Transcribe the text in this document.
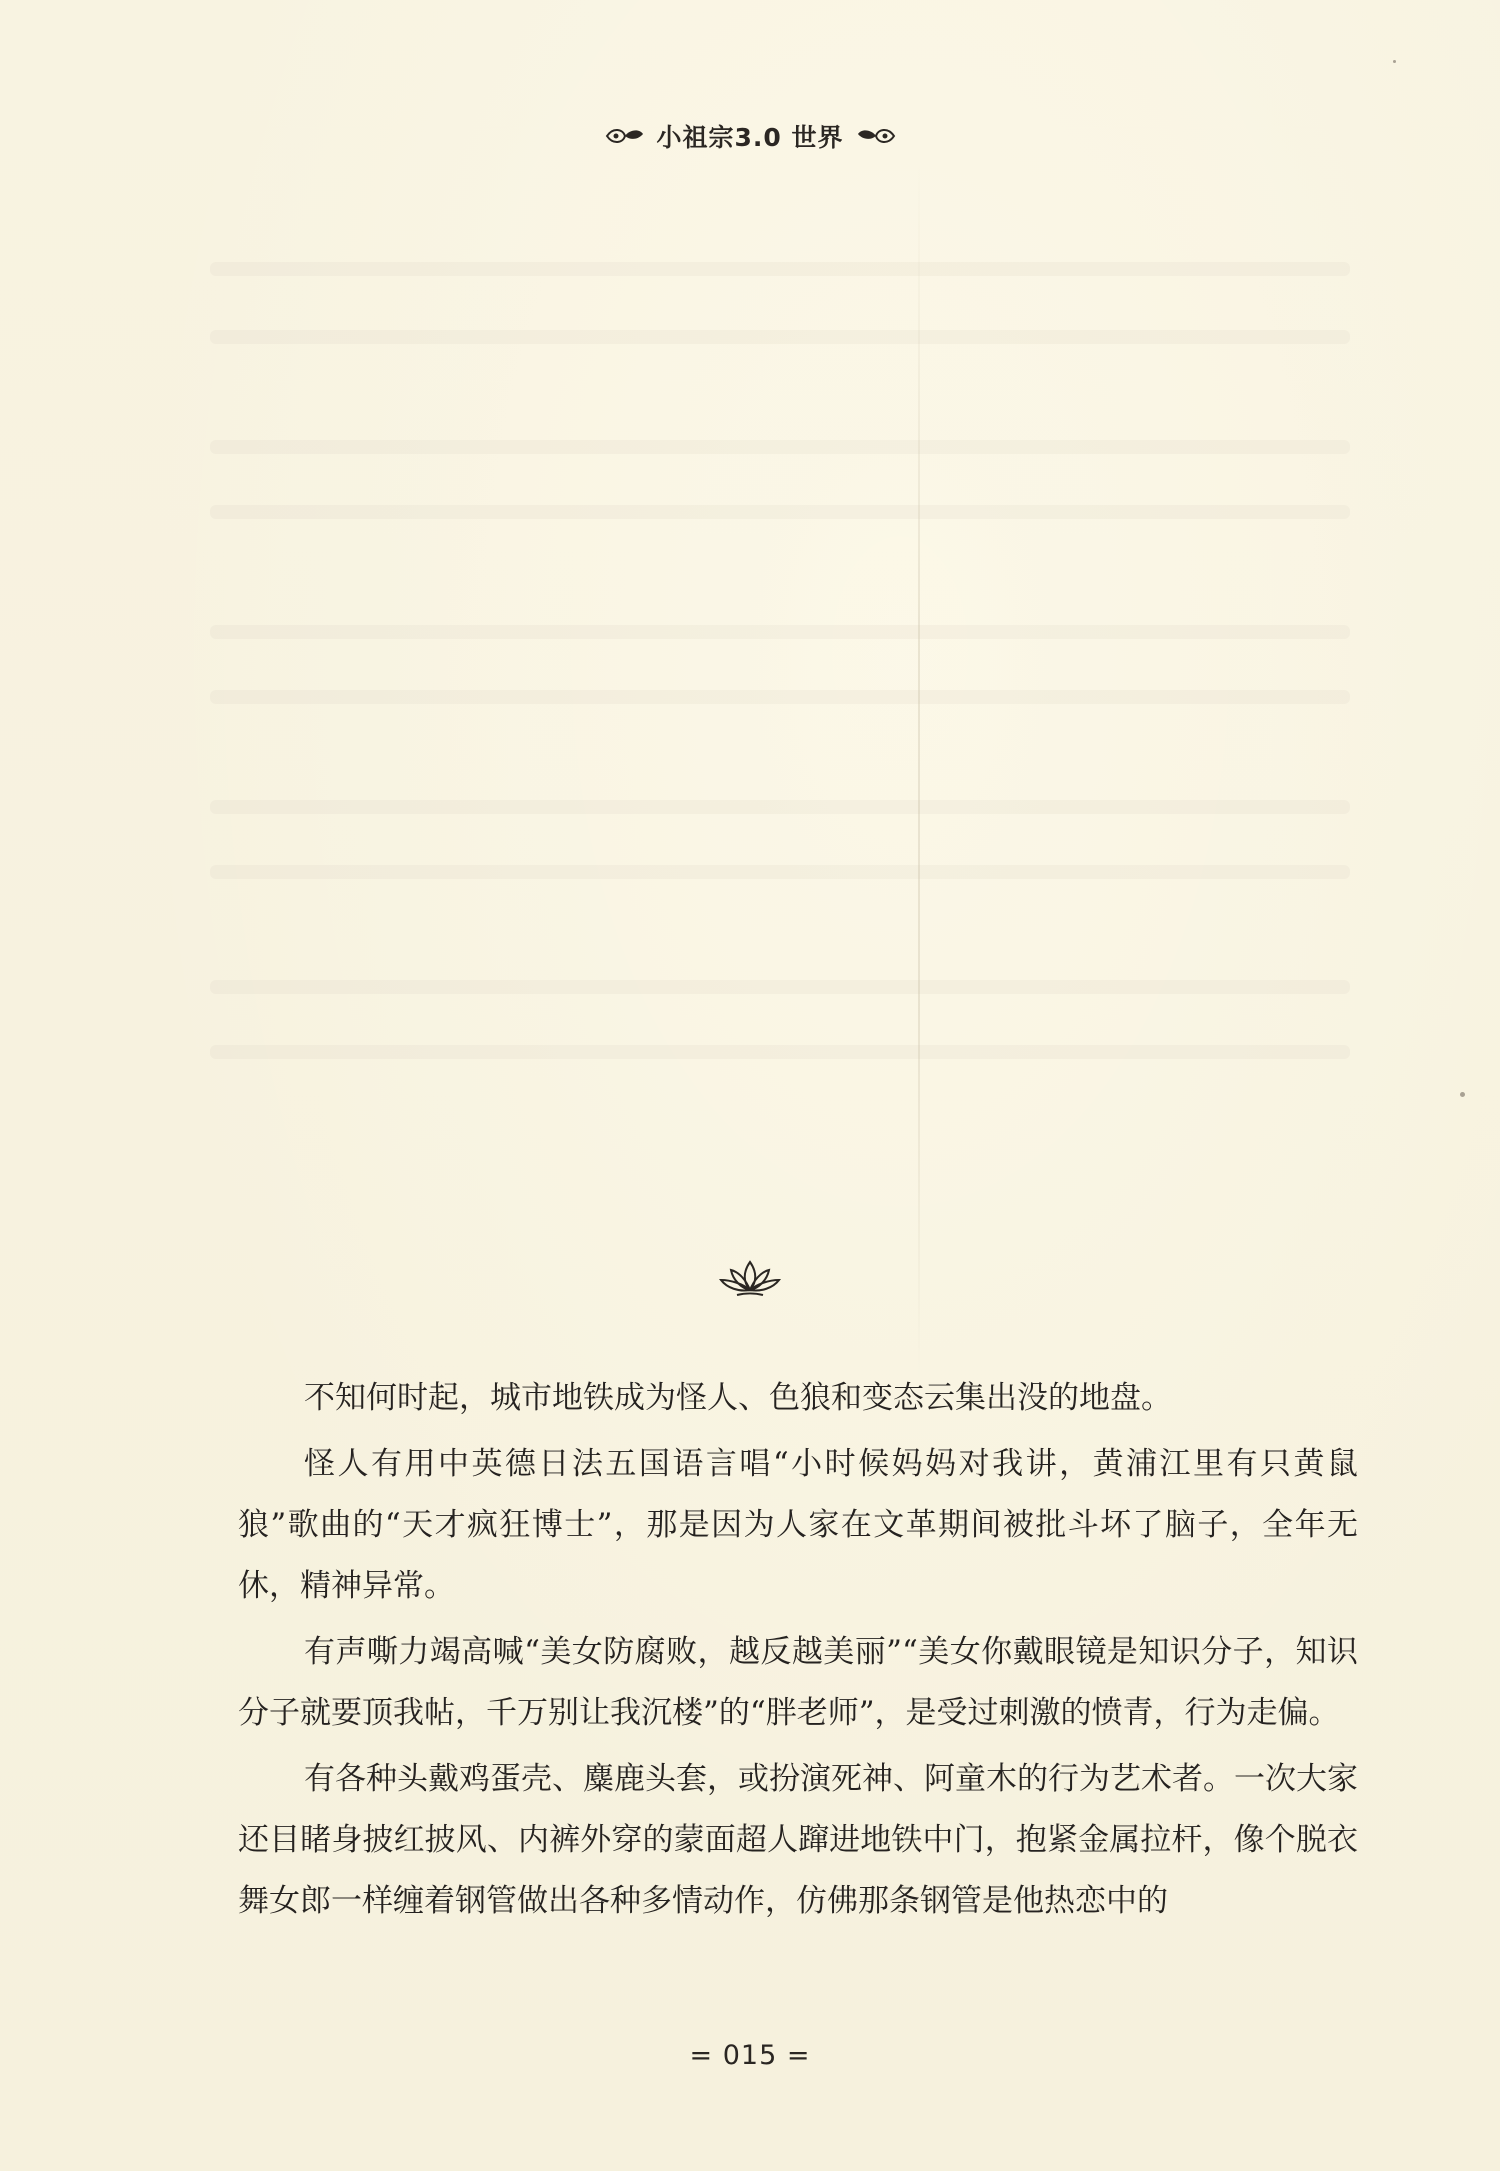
小祖宗3.0 世界

不知何时起，城市地铁成为怪人、色狼和变态云集出没的地盘。

怪人有用中英德日法五国语言唱“小时候妈妈对我讲，黄浦江里有只黄鼠狼”歌曲的“天才疯狂博士”，那是因为人家在文革期间被批斗坏了脑子，全年无休，精神异常。

有声嘶力竭高喊“美女防腐败，越反越美丽”“美女你戴眼镜是知识分子，知识分子就要顶我帖，千万别让我沉楼”的“胖老师”，是受过刺激的愤青，行为走偏。

有各种头戴鸡蛋壳、麋鹿头套，或扮演死神、阿童木的行为艺术者。一次大家还目睹身披红披风、内裤外穿的蒙面超人蹿进地铁中门，抱紧金属拉杆，像个脱衣舞女郎一样缠着钢管做出各种多情动作，仿佛那条钢管是他热恋中的

= 015 =
